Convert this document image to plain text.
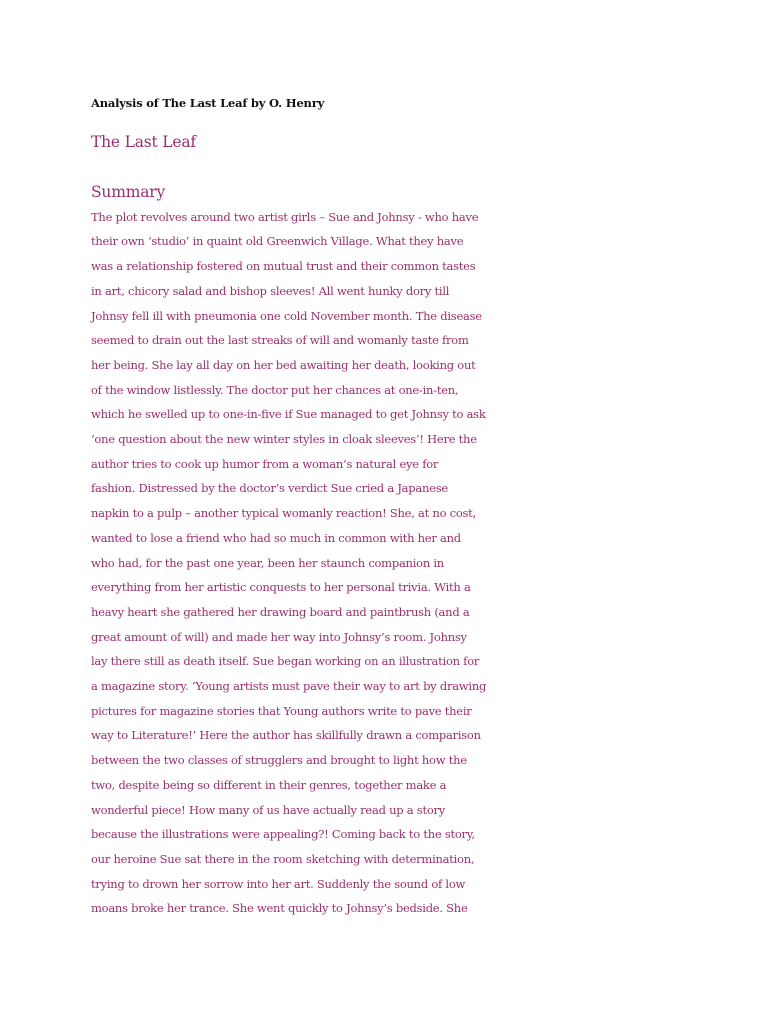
Analysis of The Last Leaf by O. Henry
The Last Leaf
Summary
The plot revolves around two artist girls – Sue and Johnsy - who have
their own ‘studio’ in quaint old Greenwich Village. What they have
was a relationship fostered on mutual trust and their common tastes
in art, chicory salad and bishop sleeves! All went hunky dory till
Johnsy fell ill with pneumonia one cold November month. The disease
seemed to drain out the last streaks of will and womanly taste from
her being. She lay all day on her bed awaiting her death, looking out
of the window listlessly. The doctor put her chances at one-in-ten,
which he swelled up to one-in-five if Sue managed to get Johnsy to ask
‘one question about the new winter styles in cloak sleeves’! Here the
author tries to cook up humor from a woman’s natural eye for
fashion. Distressed by the doctor’s verdict Sue cried a Japanese
napkin to a pulp – another typical womanly reaction! She, at no cost,
wanted to lose a friend who had so much in common with her and
who had, for the past one year, been her staunch companion in
everything from her artistic conquests to her personal trivia. With a
heavy heart she gathered her drawing board and paintbrush (and a
great amount of will) and made her way into Johnsy’s room. Johnsy
lay there still as death itself. Sue began working on an illustration for
a magazine story. ‘Young artists must pave their way to art by drawing
pictures for magazine stories that Young authors write to pave their
way to Literature!’ Here the author has skillfully drawn a comparison
between the two classes of strugglers and brought to light how the
two, despite being so different in their genres, together make a
wonderful piece! How many of us have actually read up a story
because the illustrations were appealing?! Coming back to the story,
our heroine Sue sat there in the room sketching with determination,
trying to drown her sorrow into her art. Suddenly the sound of low
moans broke her trance. She went quickly to Johnsy’s bedside. She
